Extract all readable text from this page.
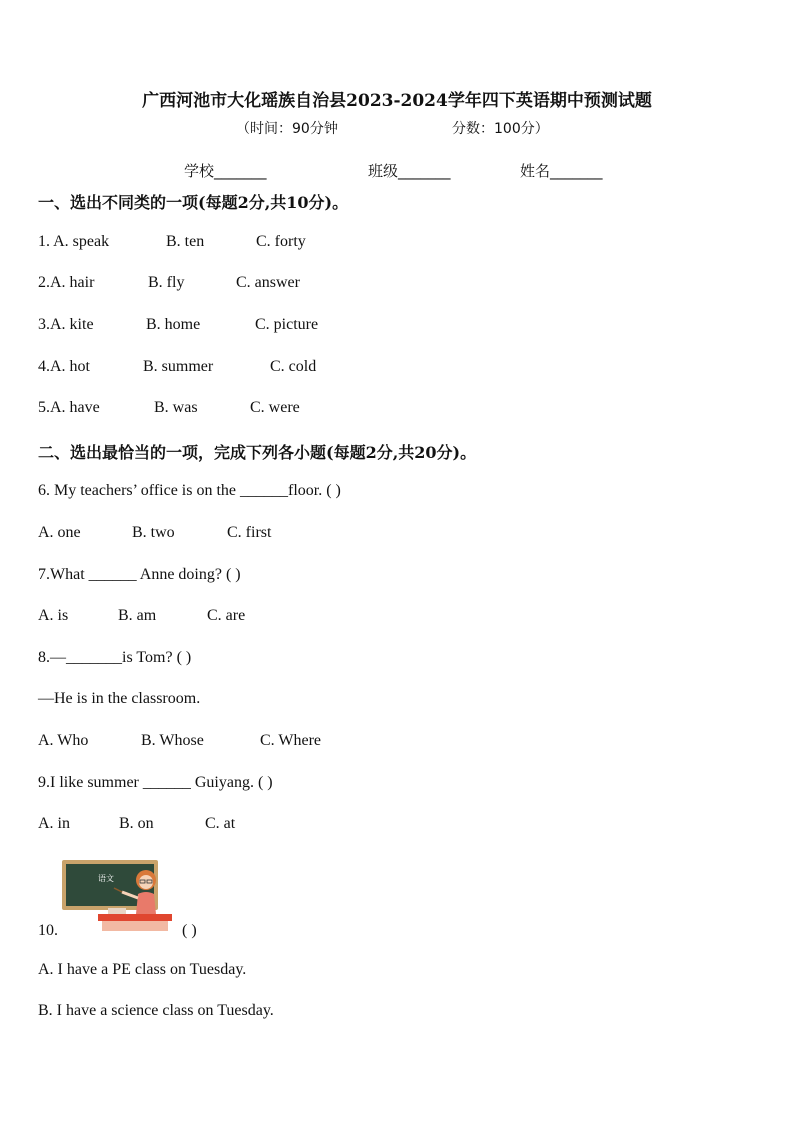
广西河池市大化瑶族自治县2023-2024学年四下英语期中预测试题
（时间：90分钟	分数：100分）
学校_______	班级_______	姓名_______
一、选出不同类的一项(每题2分,共10分)。
1. A. speak	B. ten	C. forty
2.A. hair	B. fly	C. answer
3.A. kite	B. home	C. picture
4.A. hot	B. summer	C. cold
5.A. have	B. was	C. were
二、选出最恰当的一项，完成下列各小题(每题2分,共20分)。
6. My teachers’ office is on the ______floor. ( )
A. one	B. two	C. first
7.What ______ Anne doing? ( )
A. is	B. am	C. are
8.—_______is Tom? ( )
—He is in the classroom.
A. Who	B. Whose	C. Where
9.I like summer ______ Guiyang. ( )
A. in	B. on	C. at
语文
10.	( )
A. I have a PE class on Tuesday.
B. I have a science class on Tuesday.
